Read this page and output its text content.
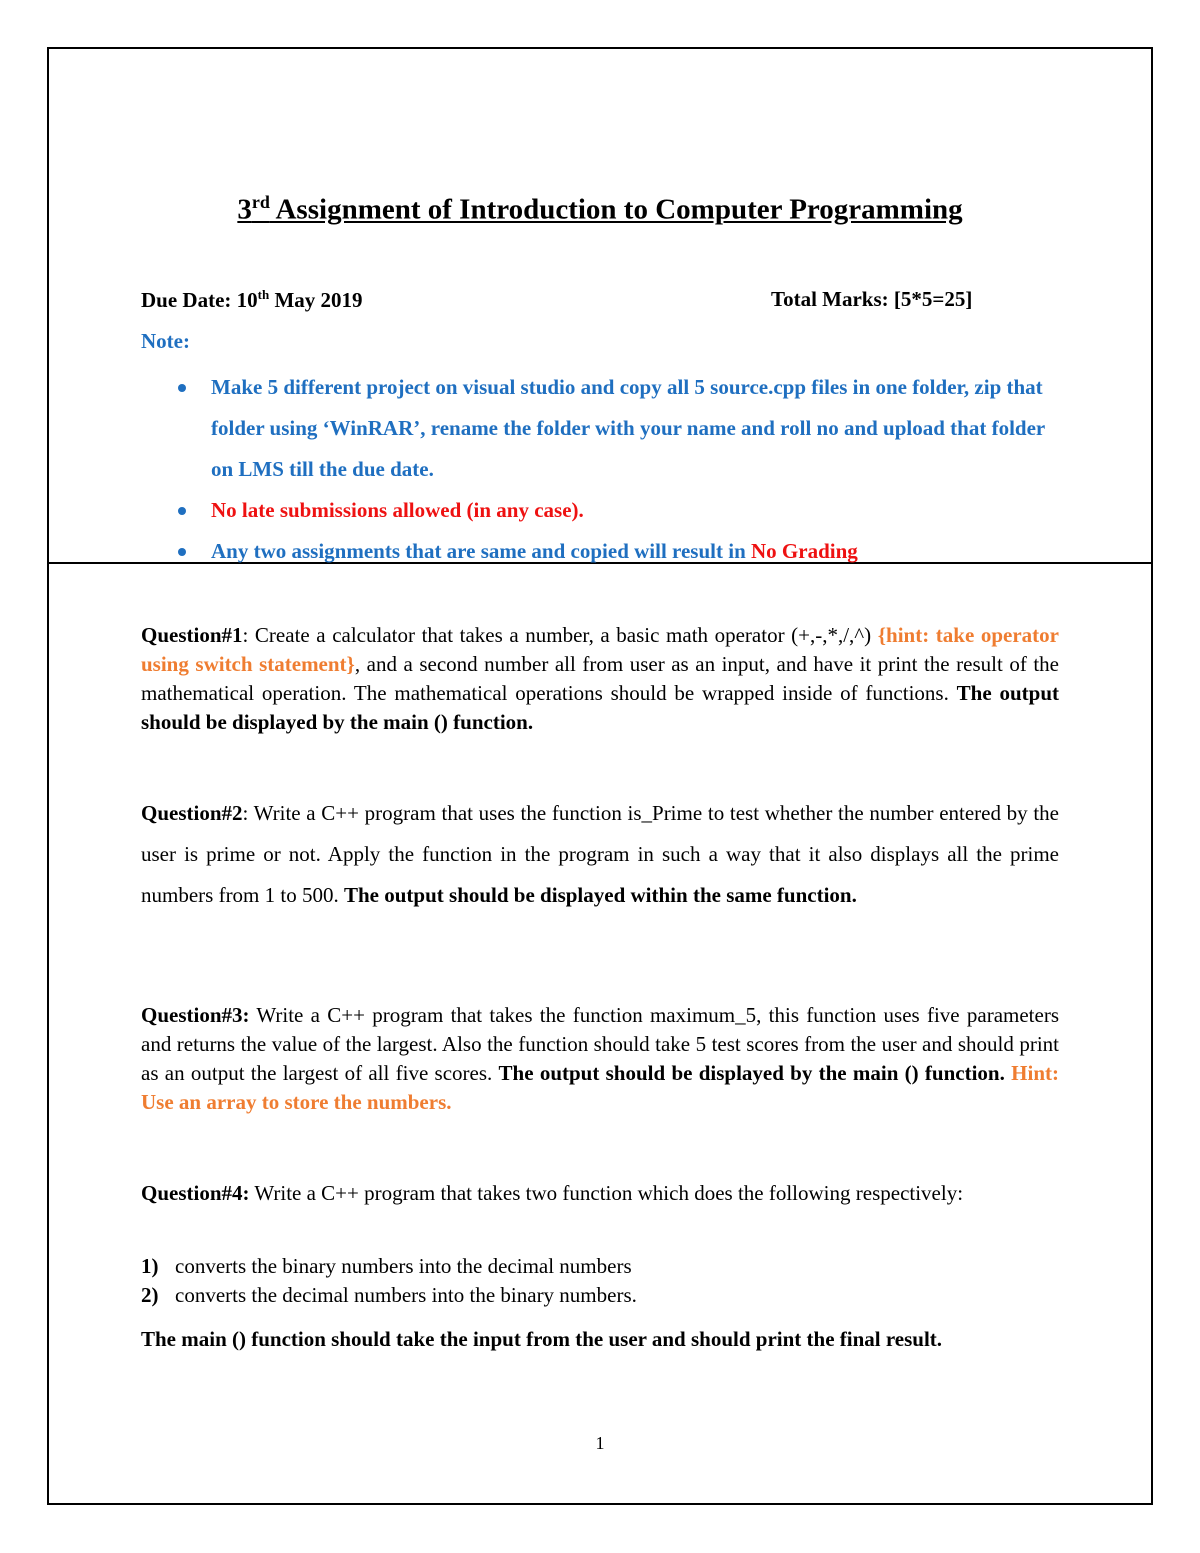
3rd Assignment of Introduction to Computer Programming
Due Date: 10th May 2019	Total Marks: [5*5=25]
Note:
Make 5 different project on visual studio and copy all 5 source.cpp files in one folder, zip that folder using ‘WinRAR’, rename the folder with your name and roll no and upload that folder on LMS till the due date.
No late submissions allowed (in any case).
Any two assignments that are same and copied will result in No Grading
Question#1: Create a calculator that takes a number, a basic math operator (+,-,*,/,^) {hint: take operator using switch statement}, and a second number all from user as an input, and have it print the result of the mathematical operation. The mathematical operations should be wrapped inside of functions. The output should be displayed by the main () function.
Question#2: Write a C++ program that uses the function is_Prime to test whether the number entered by the user is prime or not. Apply the function in the program in such a way that it also displays all the prime numbers from 1 to 500. The output should be displayed within the same function.
Question#3: Write a C++ program that takes the function maximum_5, this function uses five parameters and returns the value of the largest. Also the function should take 5 test scores from the user and should print as an output the largest of all five scores. The output should be displayed by the main () function. Hint: Use an array to store the numbers.
Question#4: Write a C++ program that takes two function which does the following respectively:
1) converts the binary numbers into the decimal numbers
2) converts the decimal numbers into the binary numbers.
The main () function should take the input from the user and should print the final result.
1
